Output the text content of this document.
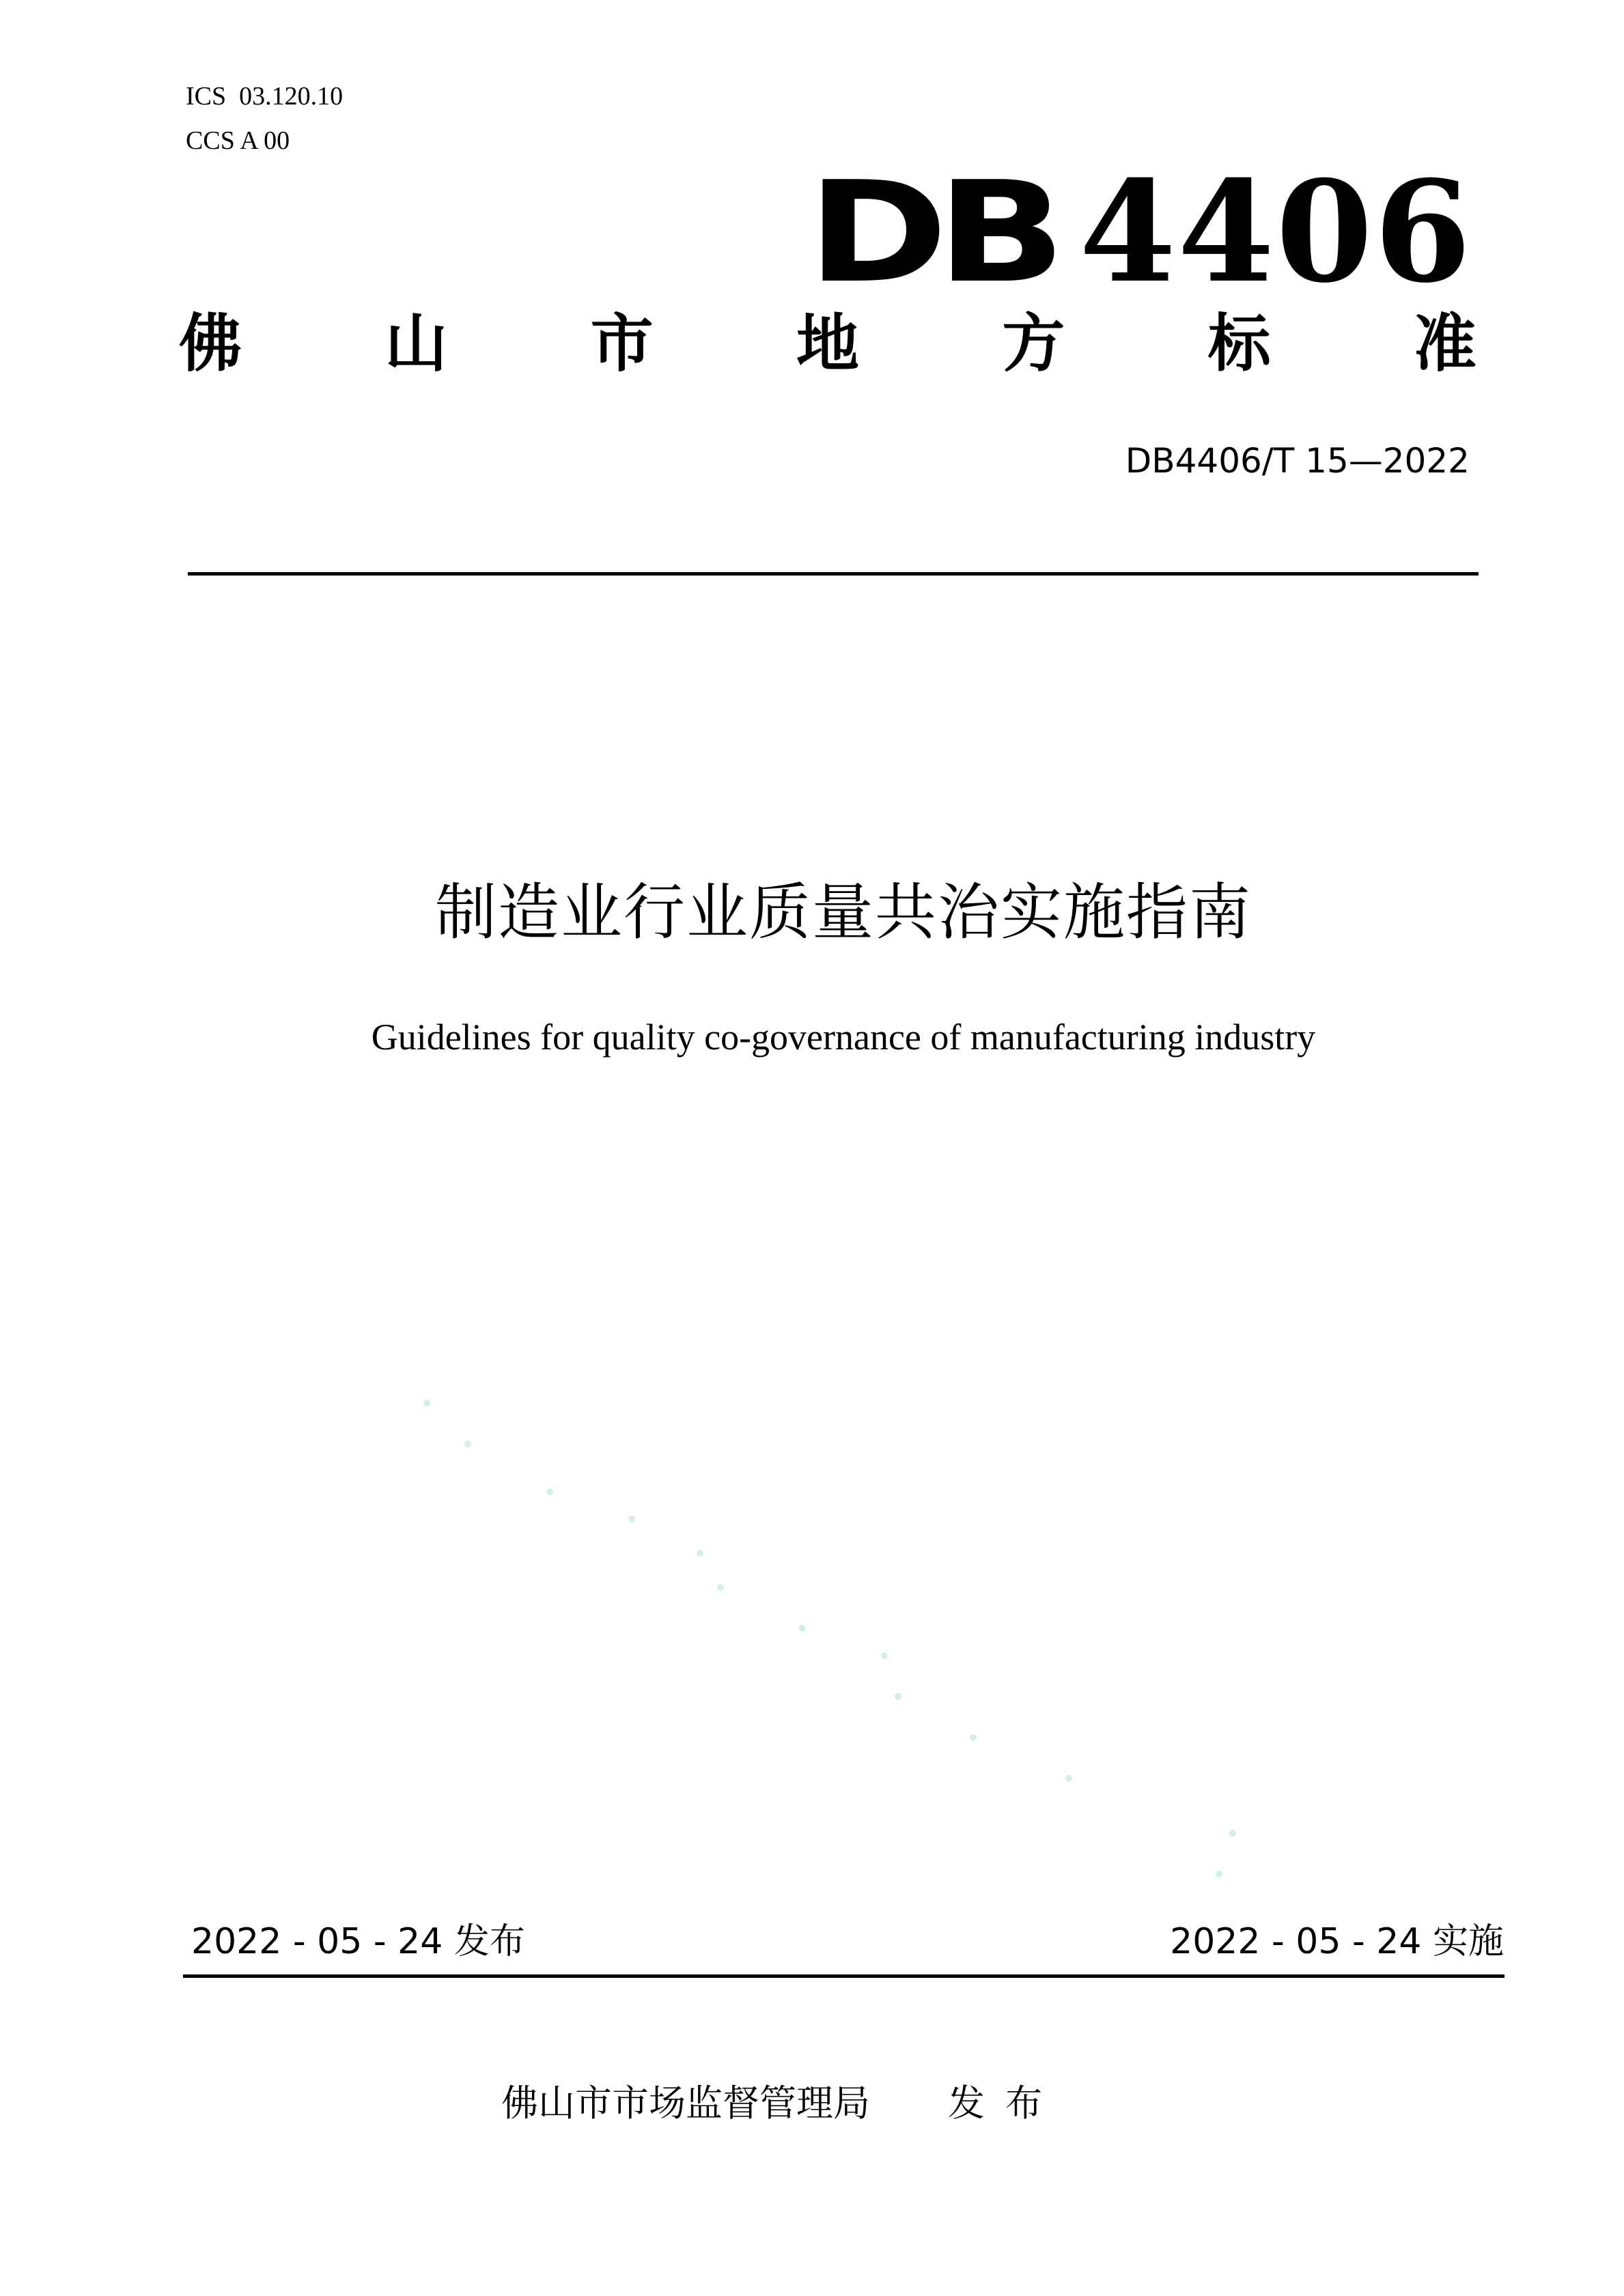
ICS  03.120.10
CCS A 00
DB 4406
佛 山 市 地 方 标 准
DB4406/T 15—2022
制造业行业质量共治实施指南
Guidelines for quality co-governance of manufacturing industry
2022 - 05 - 24 发布	2022 - 05 - 24 实施
佛山市市场监督管理局 发布
